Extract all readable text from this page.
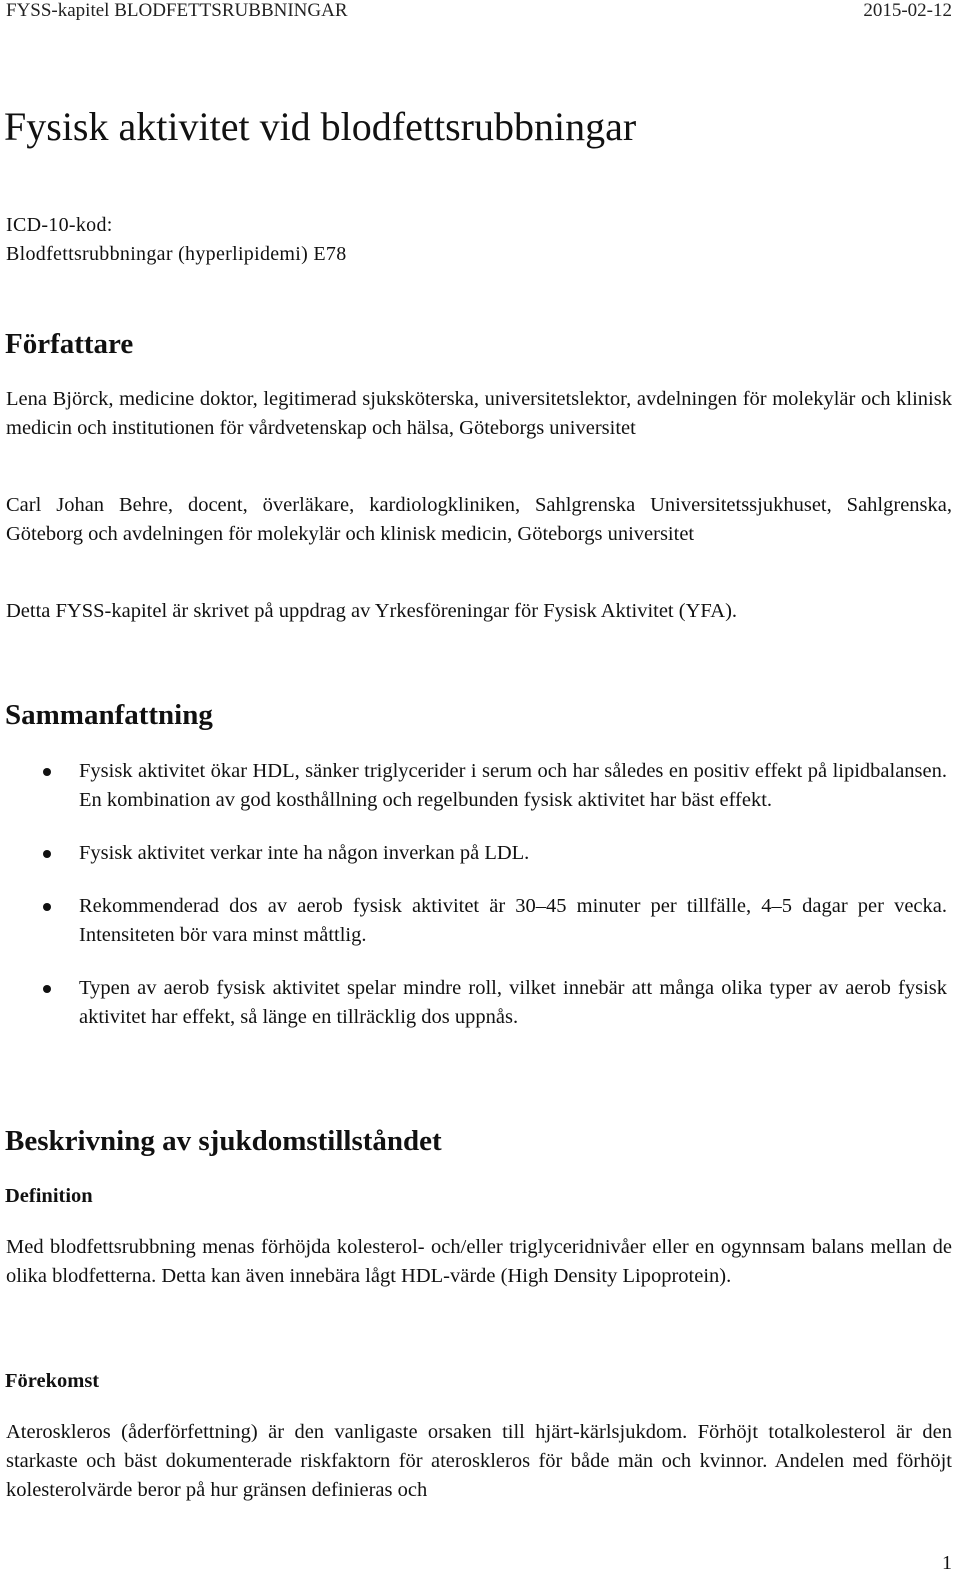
FYSS-kapitel BLODFETTSRUBBNINGAR	2015-02-12
Fysisk aktivitet vid blodfettsrubbningar
ICD-10-kod:
Blodfettsrubbningar (hyperlipidemi) E78
Författare

Lena Björck, medicine doktor, legitimerad sjuksköterska, universitetslektor, avdelningen för molekylär och klinisk medicin och institutionen för vårdvetenskap och hälsa, Göteborgs universitet

Carl Johan Behre, docent, överläkare, kardiologkliniken, Sahlgrenska Universitetssjukhuset, Sahlgrenska, Göteborg och avdelningen för molekylär och klinisk medicin, Göteborgs universitet

Detta FYSS-kapitel är skrivet på uppdrag av Yrkesföreningar för Fysisk Aktivitet (YFA).

Sammanfattning
Fysisk aktivitet ökar HDL, sänker triglycerider i serum och har således en positiv effekt på lipidbalansen. En kombination av god kosthållning och regelbunden fysisk aktivitet har bäst effekt.
Fysisk aktivitet verkar inte ha någon inverkan på LDL.
Rekommenderad dos av aerob fysisk aktivitet är 30–45 minuter per tillfälle, 4–5 dagar per vecka. Intensiteten bör vara minst måttlig.
Typen av aerob fysisk aktivitet spelar mindre roll, vilket innebär att många olika typer av aerob fysisk aktivitet har effekt, så länge en tillräcklig dos uppnås.
Beskrivning av sjukdomstillståndet
Definition

Med blodfettsrubbning menas förhöjda kolesterol- och/eller triglyceridnivåer eller en ogynnsam balans mellan de olika blodfetterna. Detta kan även innebära lågt HDL-värde (High Density Lipoprotein).

Förekomst

Ateroskleros (åderförfettning) är den vanligaste orsaken till hjärt-kärlsjukdom. Förhöjt totalkolesterol är den starkaste och bäst dokumenterade riskfaktorn för ateroskleros för både män och kvinnor. Andelen med förhöjt kolesterolvärde beror på hur gränsen definieras och

1
